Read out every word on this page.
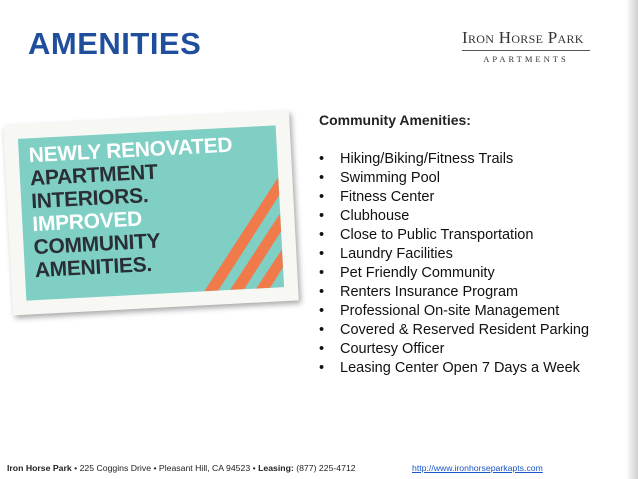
AMENITIES	Iron Horse Park
APARTMENTS
NEWLY RENOVATED
APARTMENT
INTERIORS.
IMPROVED
COMMUNITY
AMENITIES.
Community Amenities:
• Hiking/Biking/Fitness Trails
• Swimming Pool
• Fitness Center
• Clubhouse
• Close to Public Transportation
• Laundry Facilities
• Pet Friendly Community
• Renters Insurance Program
• Professional On-site Management
• Covered & Reserved Resident Parking
• Courtesy Officer
• Leasing Center Open 7 Days a Week
Iron Horse Park • 225 Coggins Drive • Pleasant Hill, CA 94523 • Leasing: (877) 225-4712	http://www.ironhorseparkapts.com
